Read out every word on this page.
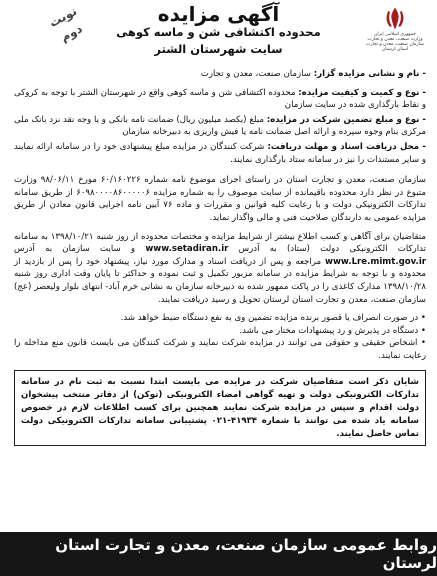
جمهوری اسلامی ایران
وزارت صنعت، معدن و تجارت
سازمان صنعت، معدن و تجارت
استان لرستان
آگهی مزایده
محدوده اکتشافی شن و ماسه کوهی
سایت شهرستان الشتر
نوبت دوم

- نام و نشانی مزایده گزار: سازمان صنعت، معدن و تجارت

- نوع و کمیت و کیفیت مزایده: محدوده اکتشافی شن و ماسه کوهی واقع در شهرستان الشتر با توجه به کروکی و نقاط بارگذاری شده در سایت سازمان

- نوع و مبلغ تضمین شرکت در مزایده: مبلغ (یکصد میلیون ریال) ضمانت نامه بانکی و یا وجه نقد نزد بانک ملی مرکزی بنام وجوه سپرده و ارائه اصل ضمانت نامه یا فیش واریزی به دبیرخانه سازمان

- محل دریافت اسناد و مهلت دریافت: شرکت کنندگان در مزایده مبلغ پیشنهادی خود را در سامانه ارائه نمایند و سایر مستندات را نیز در سامانه ستاد بارگذاری نمایند.

سازمان صنعت، معدن و تجارت استان در راستای اجرای موضوع نامه شماره ۶۰/۱۶۰۲۲۶ مورخ ۹۸/۰۶/۱۱ وزارت متبوع در نظر دارد محدوده باقیمانده از سایت موصوف را به شماره مزایده ۶۰۹۸۰۰۰۰۸۶۰۰۰۰۰۶ از طریق سامانه تدارکات الکترونیکی دولت و با رعایت کلیه قوانین و مقررات و ماده ۷۶ آیین نامه اجرایی قانون معادن از طریق مزایده عمومی به دارندگان صلاحیت فنی و مالی واگذار نماید.

متقاضیان برای آگاهی و کسب اطلاع بیشتر از شرایط مزایده و مختصات محدوده از روز شنبه ۱۳۹۸/۱۰/۲۱ به سامانه تدارکات الکترونیکی دولت (ستاد) به آدرس www.setadiran.ir و سایت سازمان به آدرس www.Lre.mimt.gov.ir مراجعه و پس از دریافت اسناد و مدارک مورد نیاز، پیشنهاد خود را پس از بازدید از محدوده و با توجه به شرایط مزایده در سامانه مزبور تکمیل و ثبت نموده و حداکثر تا پایان وقت اداری روز شنبه ۱۳۹۸/۱۰/۲۸ مدارک کاغذی را در پاکت ممهور شده به دبیرخانه سازمان به نشانی خرم آباد- انتهای بلوار ولیعصر (عج) سازمان صنعت، معدن و تجارت استان لرستان تحویل و رسید دریافت نمایند.

• در صورت انصراف یا قصور برنده مزایده تضمین وی به نفع دستگاه ضبط خواهد شد.
• دستگاه در پذیرش و رد پیشنهادات مختار می باشد.
• اشخاص حقیقی و حقوقی می توانند در مزایده شرکت نمایند و شرکت کنندگان می بایست قانون منع مداخله را رعایت نمایند.
شایان ذکر است متقاضیان شرکت در مزایده می بایست ابتدا نسبت به ثبت نام در سامانه تدارکات الکترونیکی دولت و تهیه گواهی امضاء الکترونیکی (توکن) از دفاتر منتخب پیشخوان دولت اقدام و سپس در مزایده شرکت نمایند همچنین برای کسب اطلاعات لازم در خصوص سامانه یاد شده می توانند با شماره ۴۱۹۳۴-۰۲۱ پشتیبانی سامانه تدارکات الکترونیکی دولت تماس حاصل نمایند.
روابط عمومی سازمان صنعت، معدن و تجارت استان لرستان
